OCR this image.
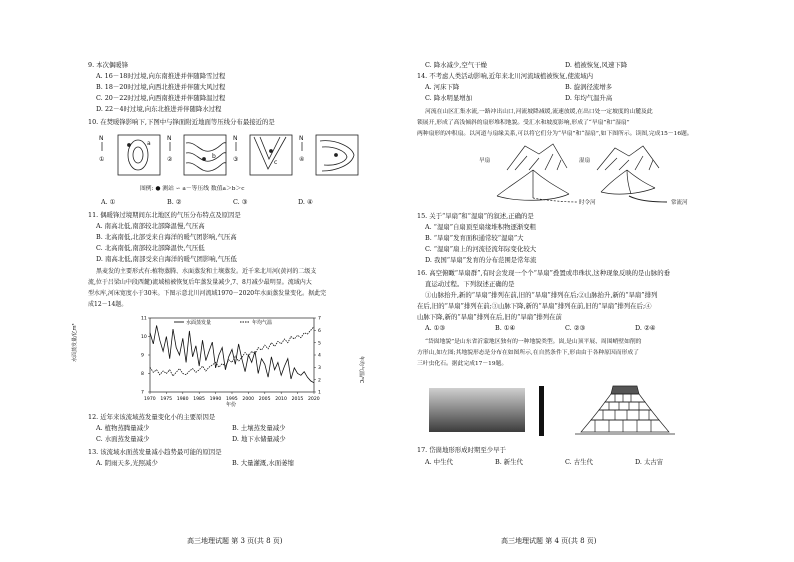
9. 本次偶暖锋
A. 16－18时过境,向东南推进并伴随降雪过程
B. 18－20时过境,向西北推进并伴随大风过程
C. 20－22时过境,向西南推进并伴随降温过程
D. 22－4时过境,向东北推进并伴随降水过程
10. 在焚暖锋影响下,下图中与锋面附近地面等压线分布最接近的是
N	N	N	N
①	②	③	④
a
b
c
图例: ● 测站 ∽ a－等压线 数值a＞b＞c
A. ①	B. ②	C. ③	D. ④
11. 偶暖锋过境期间东北地区的气压分布特点及原因是
A. 南高北低,南部较北部降温慢,气压高
B. 北高南低,北部受来自海洋的暖气团影响,气压高
C. 北高南低,南部较北部降温快,气压低
D. 南高北低,南部受来自海洋的暖气团影响,气压低
黑麦发的主要形式有:植物蒸腾、水面蒸发和土壤蒸发。近千来北川河(黄河的二级支
流,位于吕梁山中段西麓)流域植被恢复后年蒸发量减少,7、8月减少最明显。流域内大
型水库,河床宽度小于30米。下图示意北川河流域1970－2020年水面蒸发量变化。据此完
成12－14题。
1970 1975 1980 1985 1990 1995 2000 2005 2010 2015 2020
7
8
9
10
11
1
2
3
4
5
6
7
水面蒸发量/亿m³
年均气温/℃
年份
水面蒸发量	年均气温
12. 近年来该流域蒸发量变化小的主要原因是
A. 植物蒸腾量减少	B. 土壤蒸发量减少
C. 水面蒸发量减少	D. 地下水储量减少
13. 该流域水面蒸发量减小趋势最可能的原因是
A. 阴雨天多,光照减少	B. 大量灌溉,水面萎缩
高三地理试题 第 3 页(共 8 页)
C. 降水减少,空气干燥	D. 植被恢复,风速下降
14. 不考虑人类活动影响,近年来北川河流域植被恢复,使流域内
A. 河床下降	B. 旋涡径流增多
C. 降水明显增加	D. 年均气温升高
河流在山区汇集水流,一路冲出山口,河流坡降减缓,流速放缓,在出口处一定坡度的山麓及此
锁展开,形成了高浅倾斜的扇形堆积地貌。受汇水和坡度影响,形成了“旱扇”和“湿扇”
两种扇形的冲积扇。以河道与扇缘关系,可以将它们分为“旱扇”和“湿扇”,如下图所示。读图,完成15－16题。
旱扇	湿扇
时令河	常流河
15. 关于“旱扇”和“湿扇”的叙述,正确的是
A. “湿扇”自扇顶至扇缘堆积物逐渐变粗
B. “旱扇”发育面积通常较“湿扇”大
C. “湿扇”扇上的河流径流年际变化较大
D. 我国“旱扇”发育的分布范围是常年流
16. 高空俯瞰“旱扇群”,有时会发现一个个“旱扇”叠置或串珠状,这种现象反映的是山脉的垂
直运动过程。下列叙述正确的是
①山脉抬升,新的“旱扇”排列在前,旧的“旱扇”排列在后;②山脉抬升,新的“旱扇”排列
在后,旧的“旱扇”排列在前;③山脉下降,新的“旱扇”排列在前,旧的“旱扇”排列在后;④
山脉下降,新的“旱扇”排列在后,旧的“旱扇”排列在前
A. ①③	B. ①④	C. ②③	D. ②④
“岱崮地貌”是山东省沂蒙地区独有的一种地貌类型。崮,是山顶平展、周围峭壁如削的
方形山,如左图;其地貌形态是分布在如图所示,在自然条件下,形由由于各种原因而形成了
三叶虫化石。据此完成17－19题。
17. 岱崮地形形成时期至少早于
A. 中生代	B. 新生代	C. 古生代	D. 太古宙
高三地理试题 第 4 页(共 8 页)
